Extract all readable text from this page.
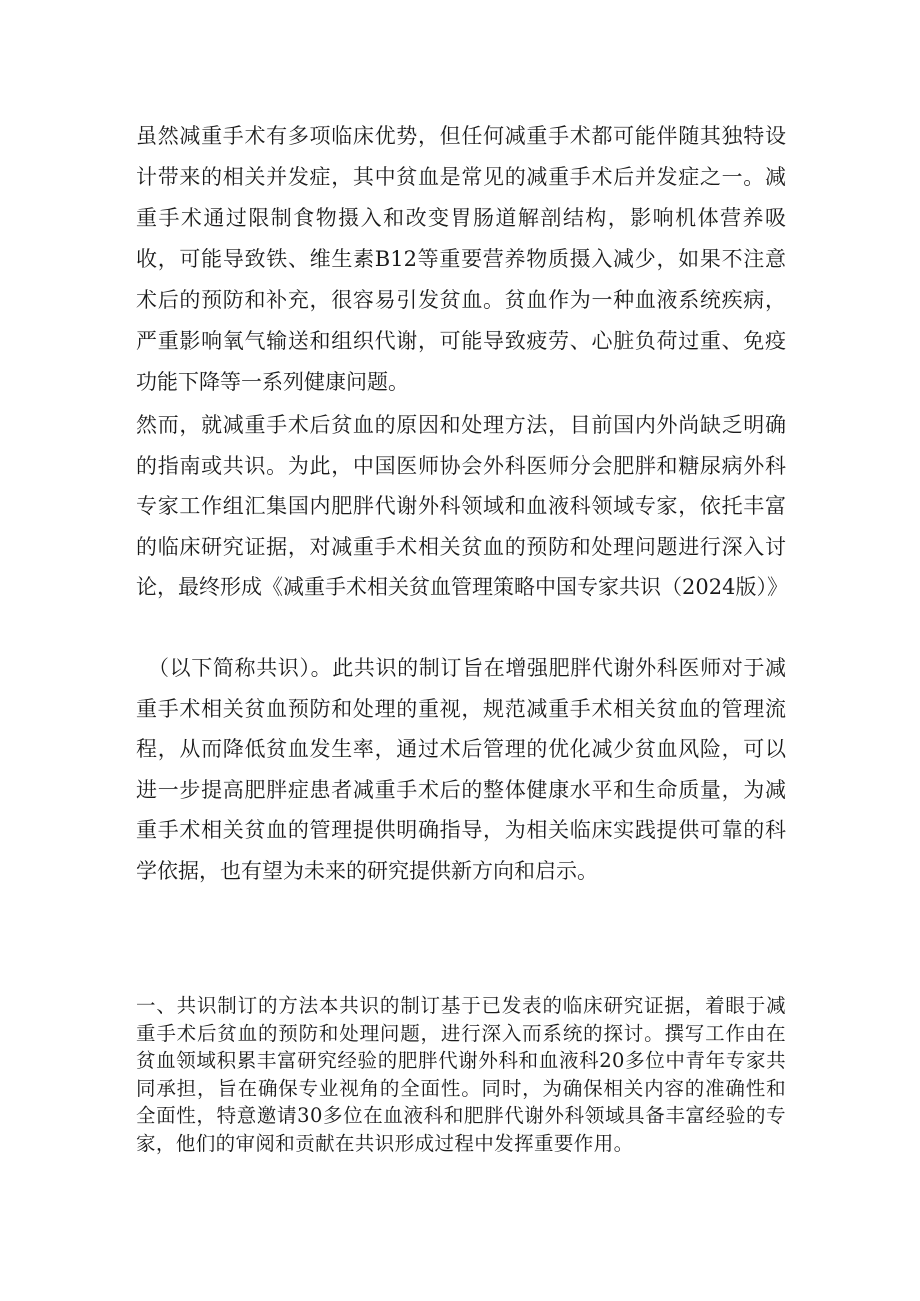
虽然减重手术有多项临床优势，但任何减重手术都可能伴随其独特设计带来的相关并发症，其中贫血是常见的减重手术后并发症之一。减重手术通过限制食物摄入和改变胃肠道解剖结构，影响机体营养吸收，可能导致铁、维生素B12等重要营养物质摄入减少，如果不注意术后的预防和补充，很容易引发贫血。贫血作为一种血液系统疾病，严重影响氧气输送和组织代谢，可能导致疲劳、心脏负荷过重、免疫功能下降等一系列健康问题。

然而，就减重手术后贫血的原因和处理方法，目前国内外尚缺乏明确的指南或共识。为此，中国医师协会外科医师分会肥胖和糖尿病外科专家工作组汇集国内肥胖代谢外科领域和血液科领域专家，依托丰富的临床研究证据，对减重手术相关贫血的预防和处理问题进行深入讨论，最终形成《减重手术相关贫血管理策略中国专家共识（2024版）》

（以下简称共识）。此共识的制订旨在增强肥胖代谢外科医师对于减重手术相关贫血预防和处理的重视，规范减重手术相关贫血的管理流程，从而降低贫血发生率，通过术后管理的优化减少贫血风险，可以进一步提高肥胖症患者减重手术后的整体健康水平和生命质量，为减重手术相关贫血的管理提供明确指导，为相关临床实践提供可靠的科学依据，也有望为未来的研究提供新方向和启示。

一、共识制订的方法本共识的制订基于已发表的临床研究证据，着眼于减重手术后贫血的预防和处理问题，进行深入而系统的探讨。撰写工作由在贫血领域积累丰富研究经验的肥胖代谢外科和血液科20多位中青年专家共同承担，旨在确保专业视角的全面性。同时，为确保相关内容的准确性和全面性，特意邀请30多位在血液科和肥胖代谢外科领域具备丰富经验的专家，他们的审阅和贡献在共识形成过程中发挥重要作用。
